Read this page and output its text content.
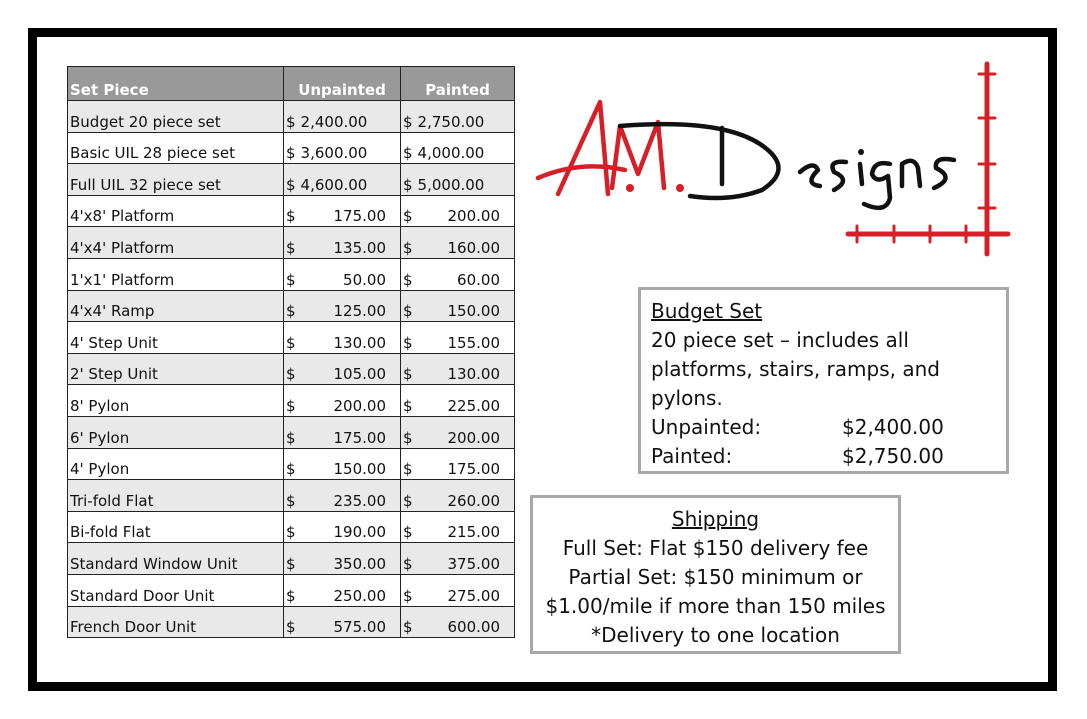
Set Piece	Unpainted	Painted
Budget 20 piece set	$ 2,400.00	$ 2,750.00

Basic UIL 28 piece set	$ 3,600.00	$ 4,000.00

Full UIL 32 piece set	$ 4,600.00	$ 5,000.00

4'x8' Platform	$ 175.00	$ 200.00

4'x4' Platform	$ 135.00	$ 160.00

1'x1' Platform	$ 50.00	$ 60.00

4'x4' Ramp	$ 125.00	$ 150.00

4' Step Unit	$ 130.00	$ 155.00

2' Step Unit	$ 105.00	$ 130.00

8' Pylon	$ 200.00	$ 225.00

6' Pylon	$ 175.00	$ 200.00

4' Pylon	$ 150.00	$ 175.00

Tri-fold Flat	$ 235.00	$ 260.00

Bi-fold Flat	$ 190.00	$ 215.00

Standard Window Unit	$ 350.00	$ 375.00

Standard Door Unit	$ 250.00	$ 275.00

French Door Unit	$ 575.00	$ 600.00
Budget Set
20 piece set – includes all platforms, stairs, ramps, and pylons.
Unpainted:	$2,400.00
Painted:	$2,750.00
Shipping
Full Set: Flat $150 delivery fee
Partial Set: $150 minimum or
$1.00/mile if more than 150 miles
*Delivery to one location
